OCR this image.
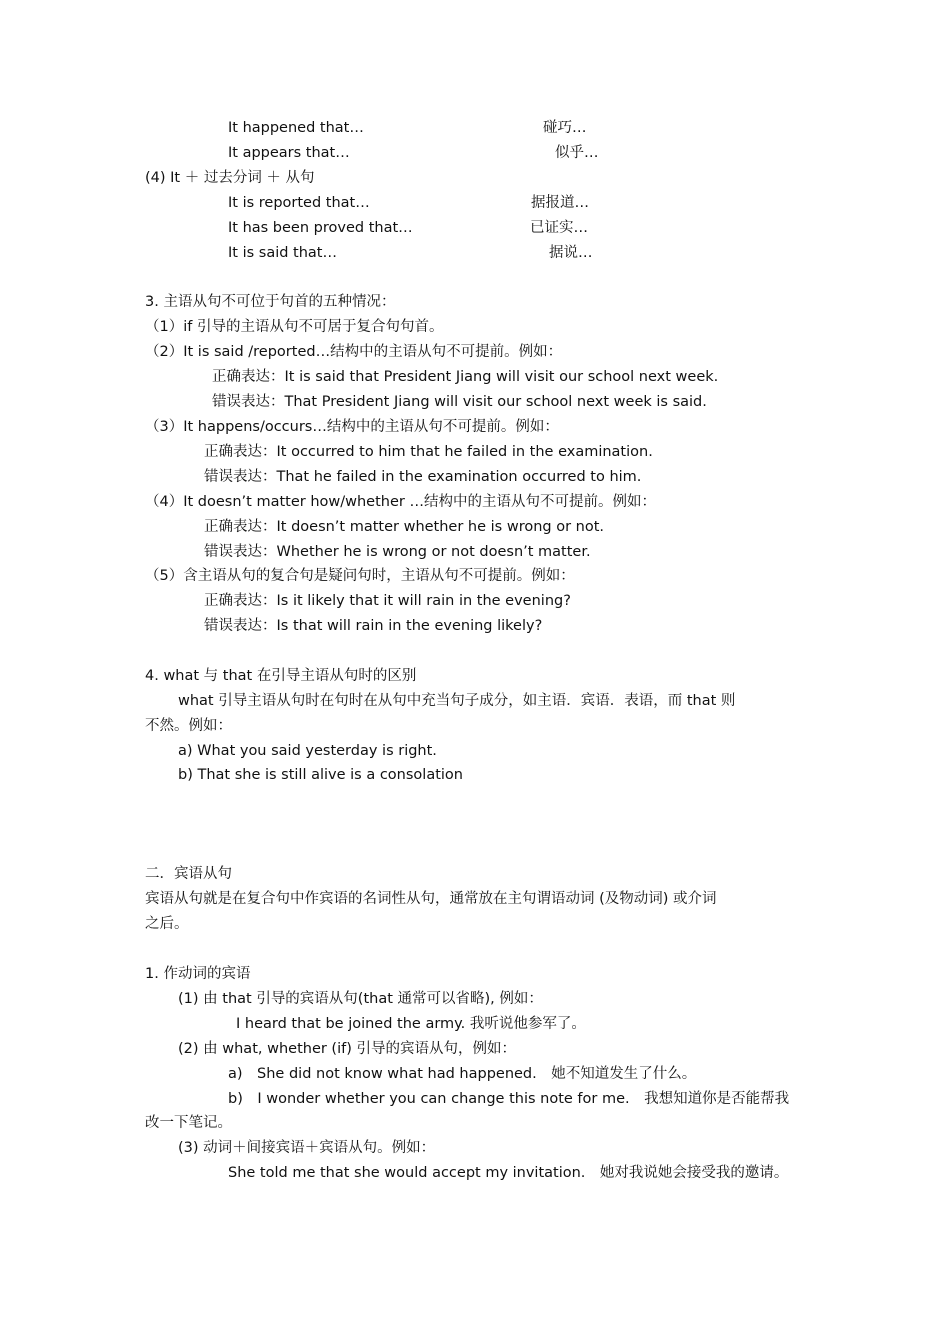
It happened that…	碰巧…
It appears that…	似乎…
(4) It ＋ 过去分词 ＋ 从句
It is reported that…	据报道…
It has been proved that…	已证实…
It is said that…	据说…
3. 主语从句不可位于句首的五种情况：
（1）if 引导的主语从句不可居于复合句句首。
（2）It is said /reported…结构中的主语从句不可提前。例如：
正确表达：It is said that President Jiang will visit our school next week.
错误表达：That President Jiang will visit our school next week is said.
（3）It happens/occurs…结构中的主语从句不可提前。例如：
正确表达：It occurred to him that he failed in the examination.
错误表达：That he failed in the examination occurred to him.
（4）It doesn’t matter how/whether …结构中的主语从句不可提前。例如：
正确表达：It doesn’t matter whether he is wrong or not.
错误表达：Whether he is wrong or not doesn’t matter.
（5）含主语从句的复合句是疑问句时，主语从句不可提前。例如：
正确表达：Is it likely that it will rain in the evening?
错误表达：Is that will rain in the evening likely?
4. what 与 that 在引导主语从句时的区别
what 引导主语从句时在句时在从句中充当句子成分，如主语．宾语．表语，而 that 则
不然。例如：
a) What you said yesterday is right.
b) That she is still alive is a consolation
二．宾语从句
宾语从句就是在复合句中作宾语的名词性从句，通常放在主句谓语动词 (及物动词) 或介词
之后。
1. 作动词的宾语
(1) 由 that 引导的宾语从句(that 通常可以省略), 例如：
I heard that be joined the army. 我听说他参军了。
(2) 由 what, whether (if) 引导的宾语从句，例如：
a)　She did not know what had happened.　她不知道发生了什么。
b)　I wonder whether you can change this note for me.　我想知道你是否能帮我
改一下笔记。
(3) 动词＋间接宾语＋宾语从句。例如：
She told me that she would accept my invitation.　她对我说她会接受我的邀请。
